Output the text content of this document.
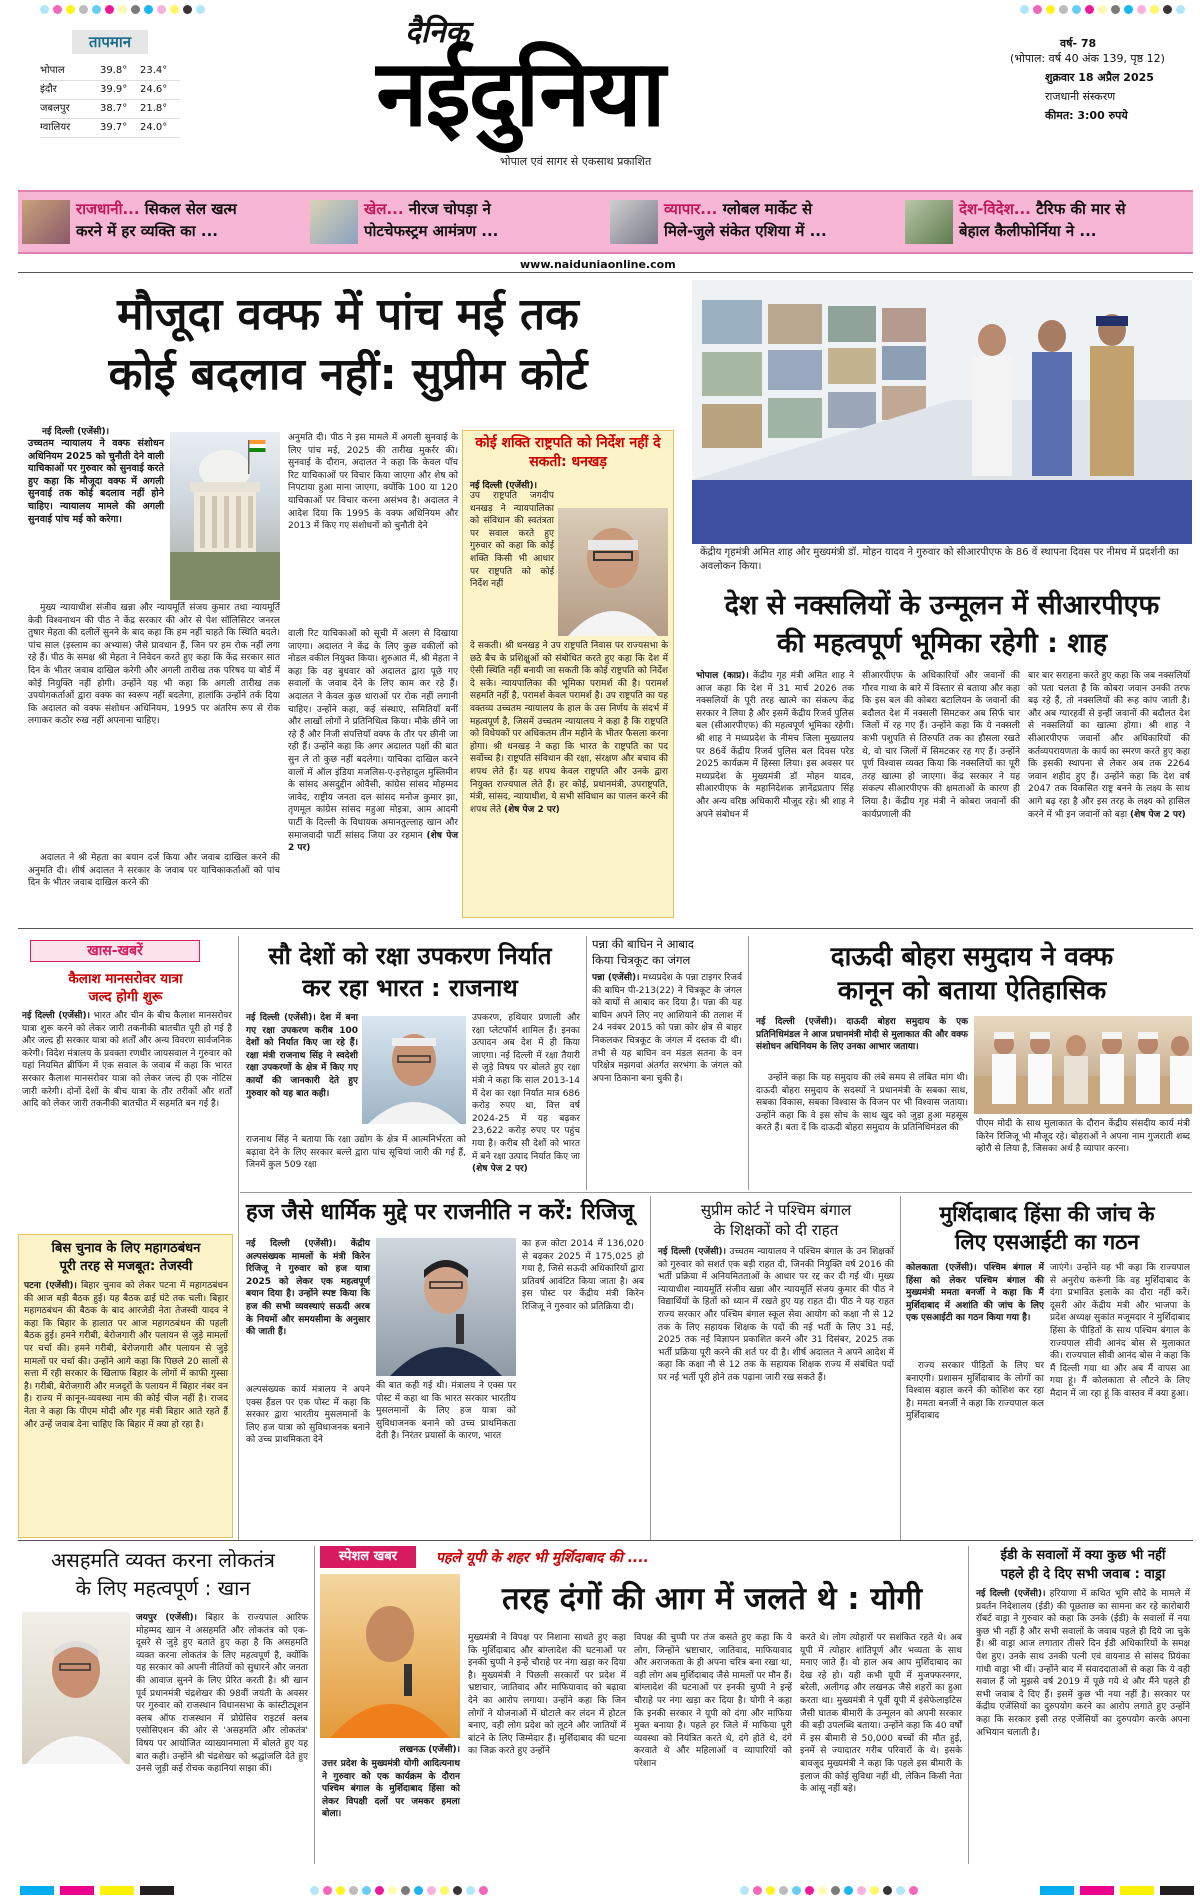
तापमान
भोपाल	39.8°	23.4°
इंदौर	39.9°	24.6°
जबलपुर	38.7°	21.8°
ग्वालियर	39.7°	24.0°
दैनिक
नईदुनिया
भोपाल एवं सागर से एकसाथ प्रकाशित
वर्ष- 78
(भोपाल: वर्ष 40 अंक 139, पृष्ठ 12)
शुक्रवार 18 अप्रैल 2025
राजधानी संस्करण
कीमत: 3:00 रुपये
राजधानी... सिकल सेल खत्म
करने में हर व्यक्ति का ...
खेल... नीरज चोपड़ा ने
पोटचेफस्ट्रम आमंत्रण ...
व्यापार... ग्लोबल मार्केट से
मिले-जुले संकेत एशिया में ...
देश-विदेश... टैरिफ की मार से
बेहाल कैलीफोर्निया ने ...
www.naiduniaonline.com
मौजूदा वक्फ में पांच मई तक
कोई बदलाव नहीं: सुप्रीम कोर्ट
नई दिल्ली (एजेंसी)।
उच्चतम न्यायालय ने वक्फ संशोधन अधिनियम 2025 को चुनौती देने वाली याचिकाओं पर गुरुवार को सुनवाई करते हुए कहा कि मौजूदा वक्फ में अगली सुनवाई तक कोई बदलाव नहीं होने चाहिए। न्यायालय मामले की अगली सुनवाई पांच मई को करेगा।
मुख्य न्यायाधीश संजीव खन्ना और न्यायमूर्ति संजय कुमार तथा न्यायमूर्ति केवी विश्वनाथन की पीठ ने केंद्र सरकार की ओर से पेश सॉलिसिटर जनरल तुषार मेहता की दलीलें सुनने के बाद कहा कि हम नहीं चाहते कि स्थिति बदले। पांच साल (इस्लाम का अभ्यास) जैसे प्रावधान हैं, जिन पर हम रोक नहीं लगा रहे हैं। पीठ के समक्ष श्री मेहता ने निवेदन करते हुए कहा कि केंद्र सरकार सात दिन के भीतर जवाब दाखिल करेगी और अगली तारीख तक परिषद या बोर्ड में कोई नियुक्ति नहीं होगी। उन्होंने यह भी कहा कि अगली तारीख तक उपयोगकर्ताओं द्वारा वक्फ का स्वरूप नहीं बदलेगा, हालांकि उन्होंने तर्क दिया कि अदालत को वक्फ संशोधन अधिनियम, 1995 पर अंतरिम रूप से रोक लगाकर कठोर रुख नहीं अपनाना चाहिए।
अदालत ने श्री मेहता का बयान दर्ज किया और जवाब दाखिल करने की अनुमति दी। शीर्ष अदालत ने सरकार के जवाब पर याचिकाकर्ताओं को पांच दिन के भीतर जवाब दाखिल करने की
अनुमति दी। पीठ ने इस मामले में अगली सुनवाई के लिए पांच मई, 2025 की तारीख मुकर्रर की। सुनवाई के दौरान, अदालत ने कहा कि केवल पाँच रिट याचिकाओं पर विचार किया जाएगा और शेष को निपटाया हुआ माना जाएगा, क्योंकि 100 या 120 याचिकाओं पर विचार करना असंभव है। अदालत ने आदेश दिया कि 1995 के वक्फ अधिनियम और 2013 में किए गए संशोधनों को चुनौती देने
वाली रिट याचिकाओं को सूची में अलग से दिखाया जाएगा। अदालत ने केंद्र के लिए कुछ वकीलों को नोडल वकील नियुक्त किया। शुरुआत में, श्री मेहता ने कहा कि वह बुधवार को अदालत द्वारा पूछे गए सवालों के जवाब देने के लिए काम कर रहे हैं। अदालत ने केवल कुछ धाराओं पर रोक नहीं लगानी चाहिए। उन्होंने कहा, कई संस्थाएं, समितियाँ बनीं और लाखों लोगों ने प्रतिनिधित्व किया। मौके छीने जा रहे हैं और निजी संपत्तियाँ वक्फ के तौर पर छीनी जा रही हैं। उन्होंने कहा कि अगर अदालत पक्षों की बात सुन ले तो कुछ नहीं बदलेगा। याचिका दाखिल करने वालों में ऑल इंडिया मजलिस-ए-इत्तेहादुल मुस्लिमीन के सांसद असदुद्दीन ओवैसी, कांग्रेस सांसद मोहम्मद जावेद, राष्ट्रीय जनता दल सांसद मनोज कुमार झा, तृणमूल कांग्रेस सांसद महुआ मोइत्रा, आम आदमी पार्टी के दिल्ली के विधायक अमानतुल्लाह खान और समाजवादी पार्टी सांसद जिया उर रहमान (शेष पेज 2 पर)
कोई शक्ति राष्ट्रपति को निर्देश नहीं दे सकती: धनखड़
नई दिल्ली (एजेंसी)।
उप राष्ट्रपति जगदीप धनखड़ ने न्यायपालिका को संविधान की स्वतंत्रता पर सवाल करते हुए गुरुवार को कहा कि कोई शक्ति किसी भी आधार पर राष्ट्रपति को कोई निर्देश नहीं
दे सकती। श्री धनखड़ ने उप राष्ट्रपति निवास पर राज्यसभा के छठे बैच के प्रशिक्षुओं को संबोधित करते हुए कहा कि देश में ऐसी स्थिति नहीं बनायी जा सकती कि कोई राष्ट्रपति को निर्देश दे सके। न्यायपालिका की भूमिका परामर्श की है। परामर्श सहमति नहीं है, परामर्श केवल परामर्श है। उप राष्ट्रपति का यह वक्तव्य उच्चतम न्यायालय के हाल के उस निर्णय के संदर्भ में महत्वपूर्ण है, जिसमें उच्चतम न्यायालय ने कहा है कि राष्ट्रपति को विधेयकों पर अधिकतम तीन महीने के भीतर फैसला करना होगा। श्री धनखड़ ने कहा कि भारत के राष्ट्रपति का पद सर्वोच्च है। राष्ट्रपति संविधान की रक्षा, संरक्षण और बचाव की शपथ लेते हैं। यह शपथ केवल राष्ट्रपति और उनके द्वारा नियुक्त राज्यपाल लेते हैं। हर कोई, प्रधानमंत्री, उपराष्ट्रपति, मंत्री, सांसद, न्यायाधीश, ये सभी संविधान का पालन करने की शपथ लेते (शेष पेज 2 पर)
केंद्रीय गृहमंत्री अमित शाह और मुख्यमंत्री डॉ. मोहन यादव ने गुरुवार को सीआरपीएफ के 86 वें स्थापना दिवस पर नीमच में प्रदर्शनी का अवलोकन किया।
देश से नक्सलियों के उन्मूलन में सीआरपीएफ
की महत्वपूर्ण भूमिका रहेगी : शाह
भोपाल (काप्र)। केंद्रीय गृह मंत्री अमित शाह ने आज कहा कि देश में 31 मार्च 2026 तक नक्सलियों के पूरी तरह खात्मे का संकल्प केंद्र सरकार ने लिया है और इसमें केंद्रीय रिजर्व पुलिस बल (सीआरपीएफ) की महत्वपूर्ण भूमिका रहेगी। श्री शाह ने मध्यप्रदेश के नीमच जिला मुख्यालय पर 86वें केंद्रीय रिजर्व पुलिस बल दिवस परेड 2025 कार्यक्रम में हिस्सा लिया। इस अवसर पर मध्यप्रदेश के मुख्यमंत्री डॉ मोहन यादव, सीआरपीएफ के महानिदेशक ज्ञानेंद्रप्रताप सिंह और अन्य वरिष्ठ अधिकारी मौजूद रहे। श्री शाह ने अपने संबोधन में
सीआरपीएफ के अधिकारियों और जवानों की गौरव गाथा के बारे में विस्तार से बताया और कहा कि इस बल की कोबरा बटालियन के जवानों की बदौलत देश में नक्सली सिमटकर अब सिर्फ चार जिलों में रह गए हैं। उन्होंने कहा कि ये नक्सली कभी पशुपति से तिरुपति तक का हौसला रखते थे, वो चार जिलों में सिमटकर रह गए हैं। उन्होंने पूर्ण विश्वास व्यक्त किया कि नक्सलियों का पूरी तरह खात्मा हो जाएगा। केंद्र सरकार ने यह संकल्प सीआरपीएफ की क्षमताओं के कारण ही लिया है। केंद्रीय गृह मंत्री ने कोबरा जवानों की कार्यप्रणाली की
बार बार सराहना करते हुए कहा कि जब नक्सलियों को पता चलता है कि कोबरा जवान उनकी तरफ बढ़ रहे हैं, तो नक्सलियों की रूह कांप जाती है। और अब ग्यारहवीं से इन्हीं जवानों की बदौलत देश से नक्सलियों का खात्मा होगा। श्री शाह ने सीआरपीएफ जवानों और अधिकारियों की कर्तव्यपरायणता के कार्य का स्मरण करते हुए कहा कि इसकी स्थापना से लेकर अब तक 2264 जवान शहीद हुए हैं। उन्होंने कहा कि देश वर्ष 2047 तक विकसित राष्ट्र बनने के लक्ष्य के साथ आगे बढ़ रहा है और इस तरह के लक्ष्य को हासिल करने में भी इन जवानों को बड़ा (शेष पेज 2 पर)
खास-खबरें
कैलाश मानसरोवर यात्रा
जल्द होगी शुरू
नई दिल्ली (एजेंसी)। भारत और चीन के बीच कैलाश मानसरोवर यात्रा शुरू करने को लेकर जारी तकनीकी बातचीत पूरी हो गई है और जल्द ही सरकार यात्रा को शर्तों और अन्य विवरण सार्वजनिक करेगी। विदेश मंत्रालय के प्रवक्ता रणधीर जायसवाल ने गुरुवार को यहां नियमित ब्रीफिंग में एक सवाल के जवाब में कहा कि भारत सरकार कैलाश मानसरोवर यात्रा को लेकर जल्द ही एक नोटिस जारी करेगी। दोनों देशों के बीच यात्रा के तौर तरीकों और शर्तों आदि को लेकर जारी तकनीकी बातचीत में सहमति बन गई है।
बिस चुनाव के लिए महागठबंधन
पूरी तरह से मजबूत: तेजस्वी
पटना (एजेंसी)। बिहार चुनाव को लेकर पटना में महागठबंधन की आज बड़ी बैठक हुई। यह बैठक ढाई घंटे तक चली। बिहार महागठबंधन की बैठक के बाद आरजेडी नेता तेजस्वी यादव ने कहा कि बिहार के हालात पर आज महागठबंधन की पहली बैठक हुई। हमने गरीबी, बेरोजगारी और पलायन से जुड़े मामलों पर चर्चा की। हमने गरीबी, बेरोजगारी और पलायन से जुड़े मामलों पर चर्चा की। उन्होंने आगे कहा कि पिछले 20 सालों से सत्ता में रही सरकार के खिलाफ बिहार के लोगों में काफी गुस्सा है। गरीबी, बेरोजगारी और मजदूरों के पलायन में बिहार नंबर वन है। राज्य में कानून-व्यवस्था नाम की कोई चीज नहीं है। राजद नेता ने कहा कि पीएम मोदी और गृह मंत्री बिहार आते रहते हैं और उन्हें जवाब देना चाहिए कि बिहार में क्या हो रहा है।
सौ देशों को रक्षा उपकरण निर्यात
कर रहा भारत : राजनाथ
नई दिल्ली (एजेंसी)। देश में बना गए रक्षा उपकरण करीब 100 देशों को निर्यात किए जा रहे हैं। रक्षा मंत्री राजनाथ सिंह ने स्वदेशी रक्षा उपकरणों के क्षेत्र में किए गए कार्यों की जानकारी देते हुए गुरुवार को यह बात कही।
राजनाथ सिंह ने बताया कि रक्षा उद्योग के क्षेत्र में आत्मनिर्भरता को बढ़ावा देने के लिए सरकार बल्ले द्वारा पांच सूचियां जारी की गई हैं, जिनमें कुल 509 रक्षा
उपकरण, हथियार प्रणाली और रक्षा प्लेटफॉर्म शामिल हैं। इनका उत्पादन अब देश में ही किया जाएगा। नई दिल्ली में रक्षा तैयारी से जुड़े विषय पर बोलते हुए रक्षा मंत्री ने कहा कि साल 2013-14 में देश का रक्षा निर्यात मात्र 686 करोड़ रुपए था, वित्त वर्ष 2024-25 में यह बढ़कर 23,622 करोड़ रुपए पर पहुंच गया है। करीब सौ देशों को भारत में बने रक्षा उत्पाद निर्यात किए जा (शेष पेज 2 पर)
पन्ना की बाघिन ने आबाद
किया चित्रकूट का जंगल
पन्ना (एजेंसी)। मध्यप्रदेश के पन्ना टाइगर रिजर्व की बाघिन पी-213(22) ने चित्रकूट के जंगल को बाघों से आबाद कर दिया है। पन्ना की यह बाघिन अपने लिए नए आशियाने की तलाश में 24 नवंबर 2015 को पन्ना कोर क्षेत्र से बाहर निकलकर चित्रकूट के जंगल में दस्तक दी थी। तभी से यह बाघिन वन मंडल सतना के वन परिक्षेत्र मझगवां अंतर्गत सरभंगा के जंगल को अपना ठिकाना बना चुकी है।
दाऊदी बोहरा समुदाय ने वक्फ
कानून को बताया ऐतिहासिक
नई दिल्ली (एजेंसी)। दाऊदी बोहरा समुदाय के एक प्रतिनिधिमंडल ने आज प्रधानमंत्री मोदी से मुलाकात की और वक्फ संशोधन अधिनियम के लिए उनका आभार जताया।
उन्होंने कहा कि यह समुदाय की लंबे समय से लंबित मांग थी। दाऊदी बोहरा समुदाय के सदस्यों ने प्रधानमंत्री के सबका साथ, सबका विकास, सबका विश्वास के विजन पर भी विश्वास जताया। उन्होंने कहा कि वे इस सोच के साथ खुद को जुड़ा हुआ महसूस करते हैं। बता दें कि दाऊदी बोहरा समुदाय के प्रतिनिधिमंडल की	पीएम मोदी के साथ मुलाकात के दौरान केंद्रीय संसदीय कार्य मंत्री किरेन रिजिजू भी मौजूद रहे। बोहराओं ने अपना नाम गुजराती शब्द व्होरौ से लिया है, जिसका अर्थ है व्यापार करना।
हज जैसे धार्मिक मुद्दे पर राजनीति न करें: रिजिजू
नई दिल्ली (एजेंसी)। केंद्रीय अल्पसंख्यक मामलों के मंत्री किरेन रिजिजू ने गुरुवार को हज यात्रा 2025 को लेकर एक महत्वपूर्ण बयान दिया है। उन्होंने स्पष्ट किया कि हज की सभी व्यवस्थाएं सऊदी अरब के नियमों और समयसीमा के अनुसार की जाती हैं।
अल्पसंख्यक कार्य मंत्रालय ने अपने एक्स हैंडल पर एक पोस्ट में कहा कि सरकार द्वारा भारतीय मुसलमानों के लिए हज यात्रा को सुविधाजनक बनाने को उच्च प्राथमिकता देने
की बात कही गई थी। मंत्रालय ने एक्स पर पोस्ट में कहा था कि भारत सरकार भारतीय मुसलमानों के लिए हज यात्रा को सुविधाजनक बनाने को उच्च प्राथमिकता देती है। निरंतर प्रयासों के कारण, भारत
का हज कोटा 2014 में 136,020 से बढ़कर 2025 में 175,025 हो गया है, जिसे सऊदी अधिकारियों द्वारा प्रतिवर्ष आवंटित किया जाता है। अब इस पोस्ट पर केंद्रीय मंत्री किरेन रिजिजू ने गुरुवार को प्रतिक्रिया दी।
सुप्रीम कोर्ट ने पश्चिम बंगाल
के शिक्षकों को दी राहत
नई दिल्ली (एजेंसी)। उच्चतम न्यायालय ने पश्चिम बंगाल के उन शिक्षकों को गुरुवार को सशर्त एक बड़ी राहत दी, जिनकी नियुक्ति वर्ष 2016 की भर्ती प्रक्रिया में अनियमितताओं के आधार पर रद्द कर दी गई थी। मुख्य न्यायाधीश न्यायमूर्ति संजीव खन्ना और न्यायमूर्ति संजय कुमार की पीठ ने विद्यार्थियों के हितों को ध्यान में रखते हुए यह राहत दी। पीठ ने यह राहत राज्य सरकार और पश्चिम बंगाल स्कूल सेवा आयोग को कक्षा नौ से 12 तक के लिए सहायक शिक्षक के पदों की नई भर्ती के लिए 31 मई, 2025 तक नई विज्ञापन प्रकाशित करने और 31 दिसंबर, 2025 तक भर्ती प्रक्रिया पूरी करने की शर्त पर दी है। शीर्ष अदालत ने अपने आदेश में कहा कि कक्षा नौ से 12 तक के सहायक शिक्षक राज्य में संबंधित पदों पर नई भर्ती पूरी होने तक पढ़ाना जारी रख सकते हैं।
मुर्शिदाबाद हिंसा की जांच के
लिए एसआईटी का गठन
कोलकाता (एजेंसी)। पश्चिम बंगाल में हिंसा को लेकर पश्चिम बंगाल की मुख्यमंत्री ममता बनर्जी ने कहा कि मैं मुर्शिदाबाद में अशांति की जांच के लिए एक एसआईटी का गठन किया गया है।
राज्य सरकार पीड़ितों के लिए घर बनाएगी। प्रशासन मुर्शिदाबाद के लोगों का विश्वास बहाल करने की कोशिश कर रहा है। ममता बनर्जी ने कहा कि राज्यपाल कल मुर्शिदाबाद
जाएंगे। उन्होंने यह भी कहा कि राज्यपाल से अनुरोध करूंगी कि वह मुर्शिदाबाद के दंगा प्रभावित इलाके का दौरा नहीं करें। दूसरी ओर केंद्रीय मंत्री और भाजपा के प्रदेश अध्यक्ष सुकांत मजूमदार ने मुर्शिदाबाद हिंसा के पीड़ितों के साथ पश्चिम बंगाल के राज्यपाल सीवी आनंद बोस से मुलाकात की। राज्यपाल सीवी आनंद बोस ने कहा कि मैं दिल्ली गया था और अब मैं वापस आ गया हूं। मैं कोलकाता से लौटने के लिए मैदान में जा रहा हूं कि वास्तव में क्या हुआ।
असहमति व्यक्त करना लोकतंत्र
के लिए महत्वपूर्ण : खान
जयपुर (एजेंसी)। बिहार के राज्यपाल आरिफ मोहम्मद खान ने असहमति और लोकतंत्र को एक-दूसरे से जुड़े हुए बताते हुए कहा है कि असहमति व्यक्त करना लोकतंत्र के लिए महत्वपूर्ण है, क्योंकि यह सरकार को अपनी नीतियों को सुधारने और जनता की आवाज सुनने के लिए प्रेरित करती है। श्री खान पूर्व प्रधानमंत्री चंद्रशेखर की 98वीं जयंती के अवसर पर गुरुवार को राजस्थान विधानसभा के कांस्टीट्यूशन क्लब ऑफ राजस्थान में प्रोग्रेसिव राइटर्स क्लब एसोसिएशन की ओर से 'असहमति और लोकतंत्र' विषय पर आयोजित व्याख्यानमाला में बोलते हुए यह बात कही। उन्होंने श्री चंद्रशेखर को श्रद्धांजलि देते हुए उनसे जुड़ी कई रोचक कहानियां साझा कीं।
स्पेशल खबर	पहले यूपी के शहर भी मुर्शिदाबाद की ....
लखनऊ (एजेंसी)।
तरह दंगों की आग में जलते थे : योगी
उत्तर प्रदेश के मुख्यमंत्री योगी आदित्यनाथ ने गुरुवार को एक कार्यक्रम के दौरान पश्चिम बंगाल के मुर्शिदाबाद हिंसा को लेकर विपक्षी दलों पर जमकर हमला बोला।
मुख्यमंत्री ने विपक्ष पर निशाना साधते हुए कहा कि मुर्शिदाबाद और बांग्लादेश की घटनाओं पर इनकी चुप्पी ने इन्हें चौराहे पर नंगा खड़ा कर दिया है। मुख्यमंत्री ने पिछली सरकारों पर प्रदेश में भ्रष्टाचार, जातिवाद और माफियावाद को बढ़ावा देने का आरोप लगाया। उन्होंने कहा कि जिन लोगों ने योजनाओं में घोटाले कर लंदन में होटल बनाए, वही लोग प्रदेश को लूटने और जातियों में बांटने के लिए जिम्मेदार हैं। मुर्शिदाबाद की घटना का जिक्र करते हुए उन्होंने
विपक्ष की चुप्पी पर तंज कसते हुए कहा कि ये लोग, जिन्होंने भ्रष्टाचार, जातिवाद, माफियावाद और अराजकता के ही अपना चरित्र बना रखा था, वही लोग अब मुर्शिदाबाद जैसे मामलों पर मौन हैं। बांग्लादेश की घटनाओं पर इनकी चुप्पी ने इन्हें चौराहे पर नंगा खड़ा कर दिया है। योगी ने कहा कि इनकी सरकार ने यूपी को दंगा और माफिया मुक्त बनाया है। पहले हर जिले में माफिया पूरी व्यवस्था को नियंत्रित करते थे, दंगे होते थे, दंगे करवाते थे और महिलाओं व व्यापारियों को परेशान
करते थे। लोग त्योहारों पर सशंकित रहते थे। अब यूपी में त्योहार शांतिपूर्ण और भव्यता के साथ मनाए जाते हैं। वो हाल अब आप मुर्शिदाबाद का देख रहे हो। यही कभी यूपी में मुजफ्फरनगर, बरेली, अलीगढ़ और लखनऊ जैसे शहरों का हुआ करता था। मुख्यमंत्री ने पूर्वी यूपी में इंसेफेलाइटिस जैसी घातक बीमारी के उन्मूलन को अपनी सरकार की बड़ी उपलब्धि बताया। उन्होंने कहा कि 40 वर्षों में इस बीमारी से 50,000 बच्चों की मौत हुई, इनमें से ज्यादातर गरीब परिवारों के थे। इसके बावजूद मुख्यमंत्री ने कहा कि पहले इस बीमारी के इलाज की कोई सुविधा नहीं थी, लेकिन किसी नेता के आंसू नहीं बहे।
ईडी के सवालों में क्या कुछ भी नहीं
पहले ही दे दिए सभी जवाब : वाड्रा
नई दिल्ली (एजेंसी)। हरियाणा में कथित भूमि सौदे के मामले में प्रवर्तन निदेशालय (ईडी) की पूछताछ का सामना कर रहे कारोबारी रॉबर्ट वाड्रा ने गुरुवार को कहा कि उनके (ईडी) के सवालों में नया कुछ भी नहीं है और सभी सवालों के जवाब पहले ही दिये जा चुके हैं। श्री वाड्रा आज लगातार तीसरे दिन ईडी अधिकारियों के समक्ष पेश हुए। उनके साथ उनकी पत्नी एवं वायनाड से सांसद प्रियंका गांधी वाड्रा भी थीं। उन्होंने बाद में संवाददाताओं से कहा कि ये वही सवाल हैं जो मुझसे वर्ष 2019 में पूछे गये थे और मैंने पहले ही सभी जवाब दे दिए हैं। इसमें कुछ भी नया नहीं है। सरकार पर केंद्रीय एजेंसियों का दुरुपयोग करने का आरोप लगाते हुए उन्होंने कहा कि सरकार इसी तरह एजेंसियों का दुरुपयोग करके अपना अभियान चलाती है।
